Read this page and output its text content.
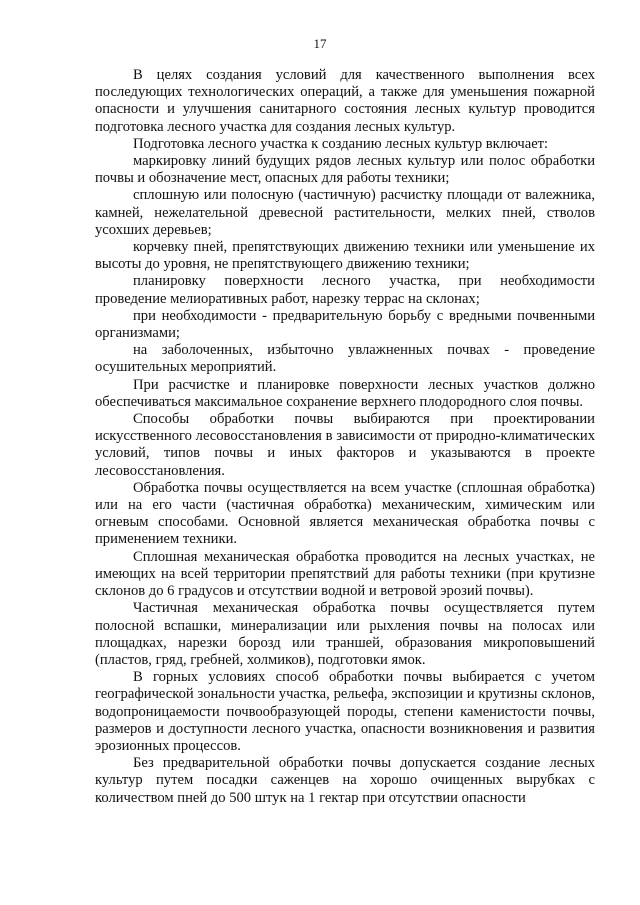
17

В целях создания условий для качественного выполнения всех последующих технологических операций, а также для уменьшения пожарной опасности и улучшения санитарного состояния лесных культур проводится подготовка лесного участка для создания лесных культур.

Подготовка лесного участка к созданию лесных культур включает:

маркировку линий будущих рядов лесных культур или полос обработки почвы и обозначение мест, опасных для работы техники;

сплошную или полосную (частичную) расчистку площади от валежника, камней, нежелательной древесной растительности, мелких пней, стволов усохших деревьев;

корчевку пней, препятствующих движению техники или уменьшение их высоты до уровня, не препятствующего движению техники;

планировку поверхности лесного участка, при необходимости проведение мелиоративных работ, нарезку террас на склонах;

при необходимости - предварительную борьбу с вредными почвенными организмами;

на заболоченных, избыточно увлажненных почвах - проведение осушительных мероприятий.

При расчистке и планировке поверхности лесных участков должно обеспечиваться максимальное сохранение верхнего плодородного слоя почвы.

Способы обработки почвы выбираются при проектировании искусственного лесовосстановления в зависимости от природно-климатических условий, типов почвы и иных факторов и указываются в проекте лесовосстановления.

Обработка почвы осуществляется на всем участке (сплошная обработка) или на его части (частичная обработка) механическим, химическим или огневым способами. Основной является механическая обработка почвы с применением техники.

Сплошная механическая обработка проводится на лесных участках, не имеющих на всей территории препятствий для работы техники (при крутизне склонов до 6 градусов и отсутствии водной и ветровой эрозий почвы).

Частичная механическая обработка почвы осуществляется путем полосной вспашки, минерализации или рыхления почвы на полосах или площадках, нарезки борозд или траншей, образования микроповышений (пластов, гряд, гребней, холмиков), подготовки ямок.

В горных условиях способ обработки почвы выбирается с учетом географической зональности участка, рельефа, экспозиции и крутизны склонов, водопроницаемости почвообразующей породы, степени каменистости почвы, размеров и доступности лесного участка, опасности возникновения и развития эрозионных процессов.

Без предварительной обработки почвы допускается создание лесных культур путем посадки саженцев на хорошо очищенных вырубках с количеством пней до 500 штук на 1 гектар при отсутствии опасности
